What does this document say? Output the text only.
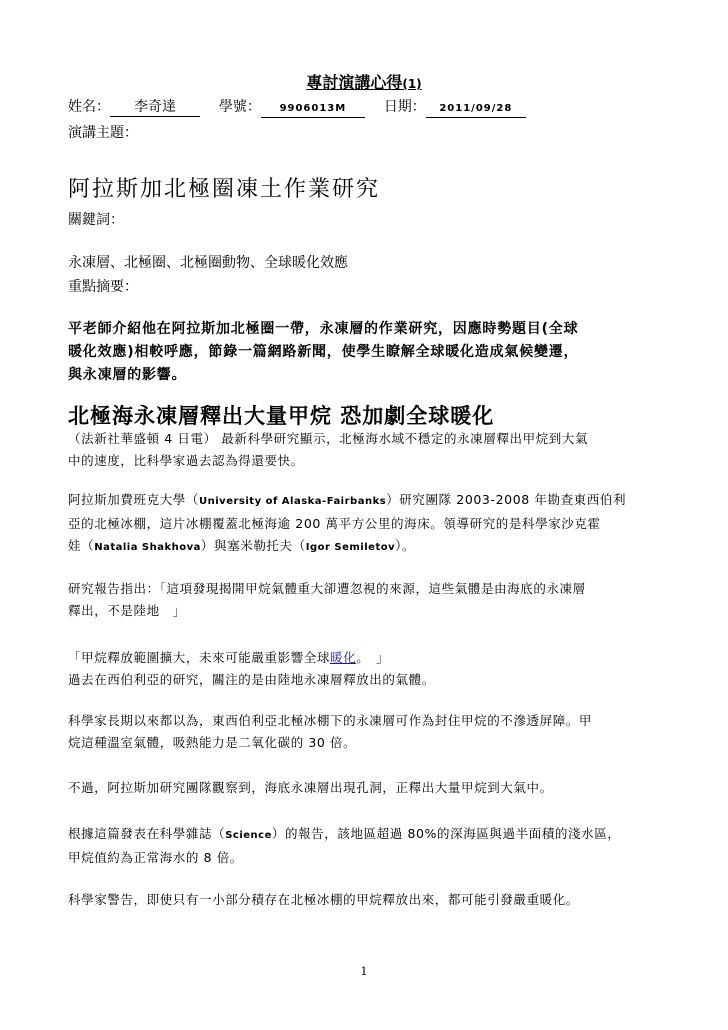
專討演講心得(1)
姓名： 李奇達	學號： 9906013M	日期： 2011/09/28
演講主題：
阿拉斯加北極圈凍土作業研究
關鍵詞：
永凍層、北極圈、北極圈動物、全球暖化效應
重點摘要：
平老師介紹他在阿拉斯加北極圈一帶，永凍層的作業研究，因應時勢題目(全球
暖化效應)相較呼應，節錄一篇網路新聞，使學生瞭解全球暖化造成氣候變遷，
與永凍層的影響。
北極海永凍層釋出大量甲烷 恐加劇全球暖化
（法新社華盛頓 4 日電） 最新科學研究顯示，北極海水域不穩定的永凍層釋出甲烷到大氣
中的速度，比科學家過去認為得還要快。
阿拉斯加費班克大學（University of Alaska-Fairbanks）研究團隊 2003-2008 年勘查東西伯利
亞的北極冰棚，這片冰棚覆蓋北極海逾 200 萬平方公里的海床。領導研究的是科學家沙克霍
娃（Natalia Shakhova）與塞米勒托夫（Igor Semiletov）。
研究報告指出：「這項發現揭開甲烷氣體重大卻遭忽視的來源，這些氣體是由海底的永凍層
釋出，不是陸地　」
「甲烷釋放範圍擴大，未來可能嚴重影響全球暖化。　」
過去在西伯利亞的研究，關注的是由陸地永凍層釋放出的氣體。
科學家長期以來都以為，東西伯利亞北極冰棚下的永凍層可作為封住甲烷的不滲透屏障。甲
烷這種溫室氣體，吸熱能力是二氧化碳的 30 倍。
不過，阿拉斯加研究團隊觀察到，海底永凍層出現孔洞，正釋出大量甲烷到大氣中。
根據這篇發表在科學雜誌（Science）的報告，該地區超過 80%的深海區與過半面積的淺水區，
甲烷值約為正常海水的 8 倍。
科學家警告，即使只有一小部分積存在北極冰棚的甲烷釋放出來，都可能引發嚴重暖化。
1
